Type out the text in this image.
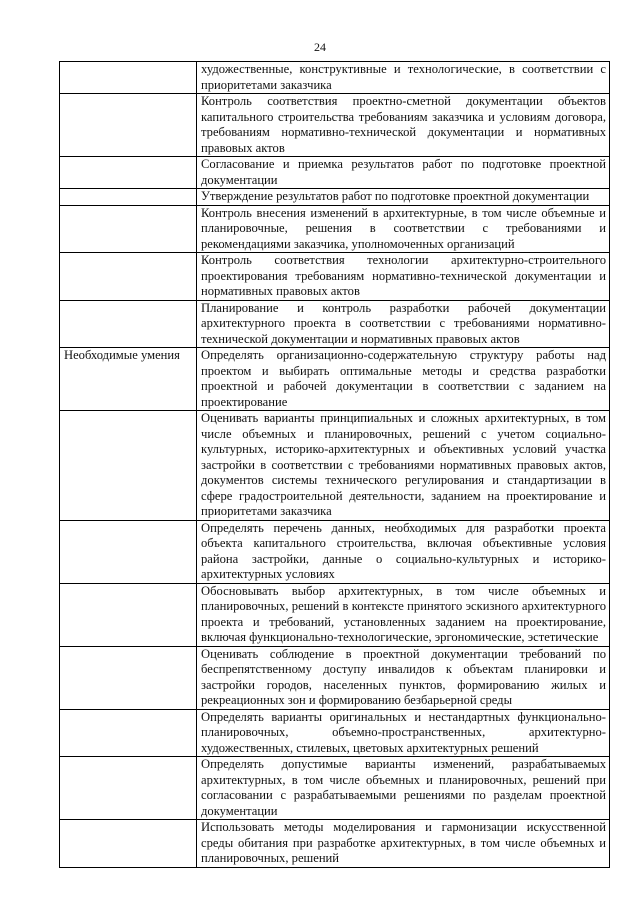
24

	художественные, конструктивные и технологические, в соответствии с приоритетами заказчика

	Контроль соответствия проектно-сметной документации объектов капитального строительства требованиям заказчика и условиям договора, требованиям нормативно-технической документации и нормативных правовых актов

	Согласование и приемка результатов работ по подготовке проектной документации

	Утверждение результатов работ по подготовке проектной документации

	Контроль внесения изменений в архитектурные, в том числе объемные и планировочные, решения в соответствии с требованиями и рекомендациями заказчика, уполномоченных организаций

	Контроль соответствия технологии архитектурно-строительного проектирования требованиям нормативно-технической документации и нормативных правовых актов

	Планирование и контроль разработки рабочей документации архитектурного проекта в соответствии с требованиями нормативно-технической документации и нормативных правовых актов

Необходимые умения	Определять организационно-содержательную структуру работы над проектом и выбирать оптимальные методы и средства разработки проектной и рабочей документации в соответствии с заданием на проектирование

	Оценивать варианты принципиальных и сложных архитектурных, в том числе объемных и планировочных, решений с учетом социально-культурных, историко-архитектурных и объективных условий участка застройки в соответствии с требованиями нормативных правовых актов, документов системы технического регулирования и стандартизации в сфере градостроительной деятельности, заданием на проектирование и приоритетами заказчика

	Определять перечень данных, необходимых для разработки проекта объекта капитального строительства, включая объективные условия района застройки, данные о социально-культурных и историко-архитектурных условиях

	Обосновывать выбор архитектурных, в том числе объемных и планировочных, решений в контексте принятого эскизного архитектурного проекта и требований, установленных заданием на проектирование, включая функционально-технологические, эргономические, эстетические

	Оценивать соблюдение в проектной документации требований по беспрепятственному доступу инвалидов к объектам планировки и застройки городов, населенных пунктов, формированию жилых и рекреационных зон и формированию безбарьерной среды

	Определять варианты оригинальных и нестандартных функционально-планировочных, объемно-пространственных, архитектурно-художественных, стилевых, цветовых архитектурных решений

	Определять допустимые варианты изменений, разрабатываемых архитектурных, в том числе объемных и планировочных, решений при согласовании с разрабатываемыми решениями по разделам проектной документации

	Использовать методы моделирования и гармонизации искусственной среды обитания при разработке архитектурных, в том числе объемных и планировочных, решений
